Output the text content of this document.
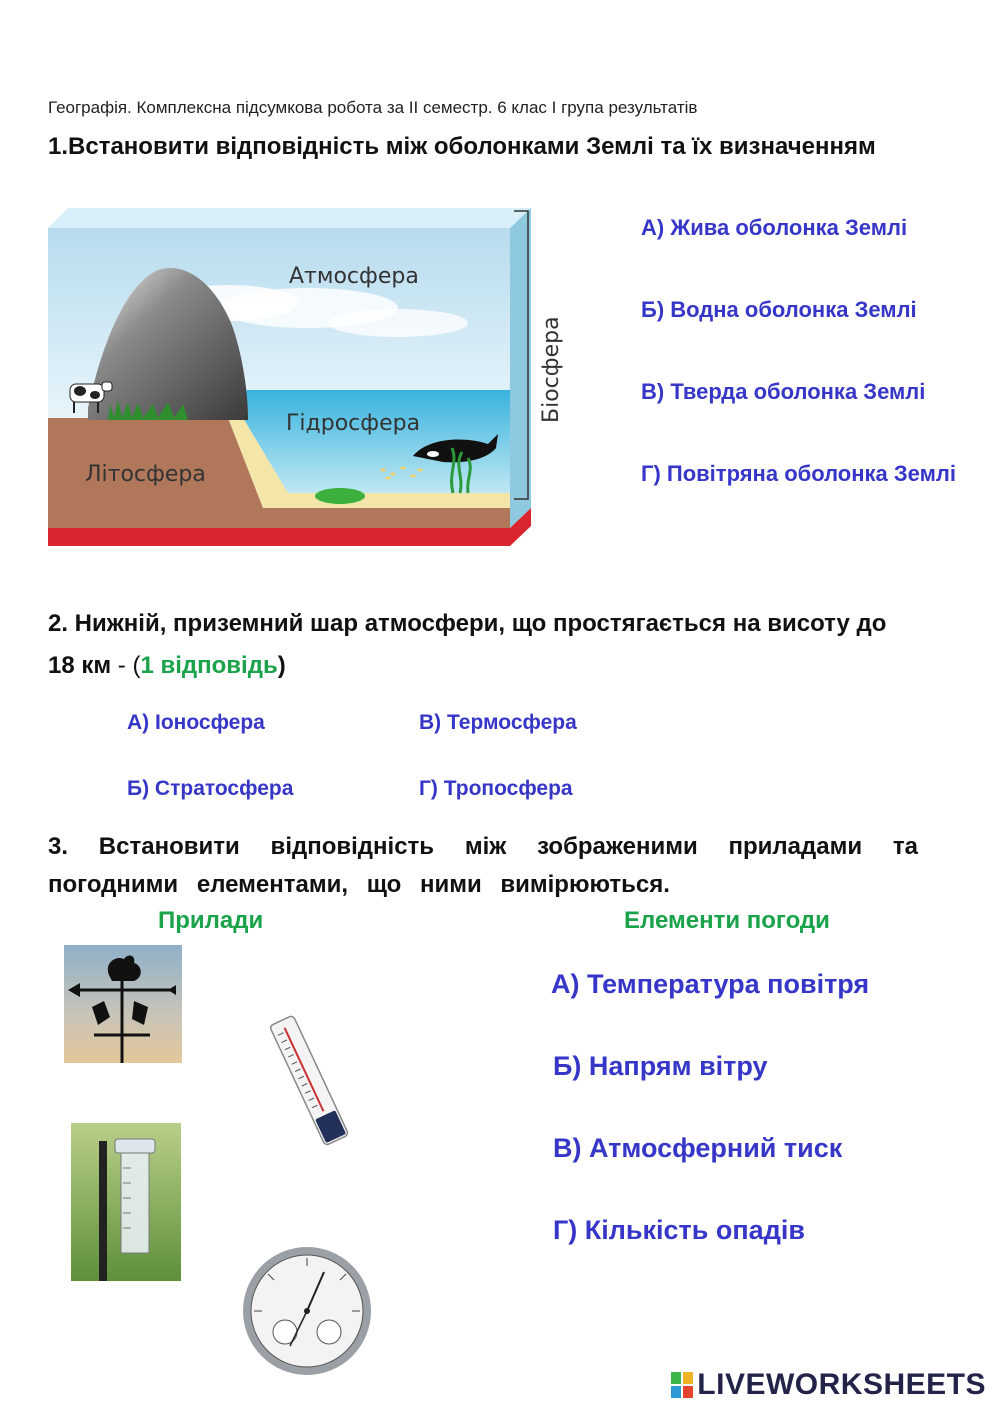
Географія. Комплексна підсумкова робота за ІІ семестр. 6 клас І група результатів
1.Встановити відповідність між оболонками Землі та їх визначенням
Атмосфера
Гідросфера
Літосфера
Біосфера
А) Жива оболонка Землі
Б) Водна оболонка Землі
В) Тверда оболонка Землі
Г) Повітряна оболонка Землі
2. Нижній, приземний шар атмосфери, що простягається на висоту до
18 км - (1 відповідь)
А) Іоносфера	В) Термосфера
Б) Стратосфера	Г) Тропосфера
3. Встановити відповідність між зображеними приладами та
погодними елементами, що ними вимірюються.
Прилади	Елементи погоди
А) Температура повітря
Б) Напрям вітру
В) Атмосферний тиск
Г) Кількість опадів
LIVEWORKSHEETS
